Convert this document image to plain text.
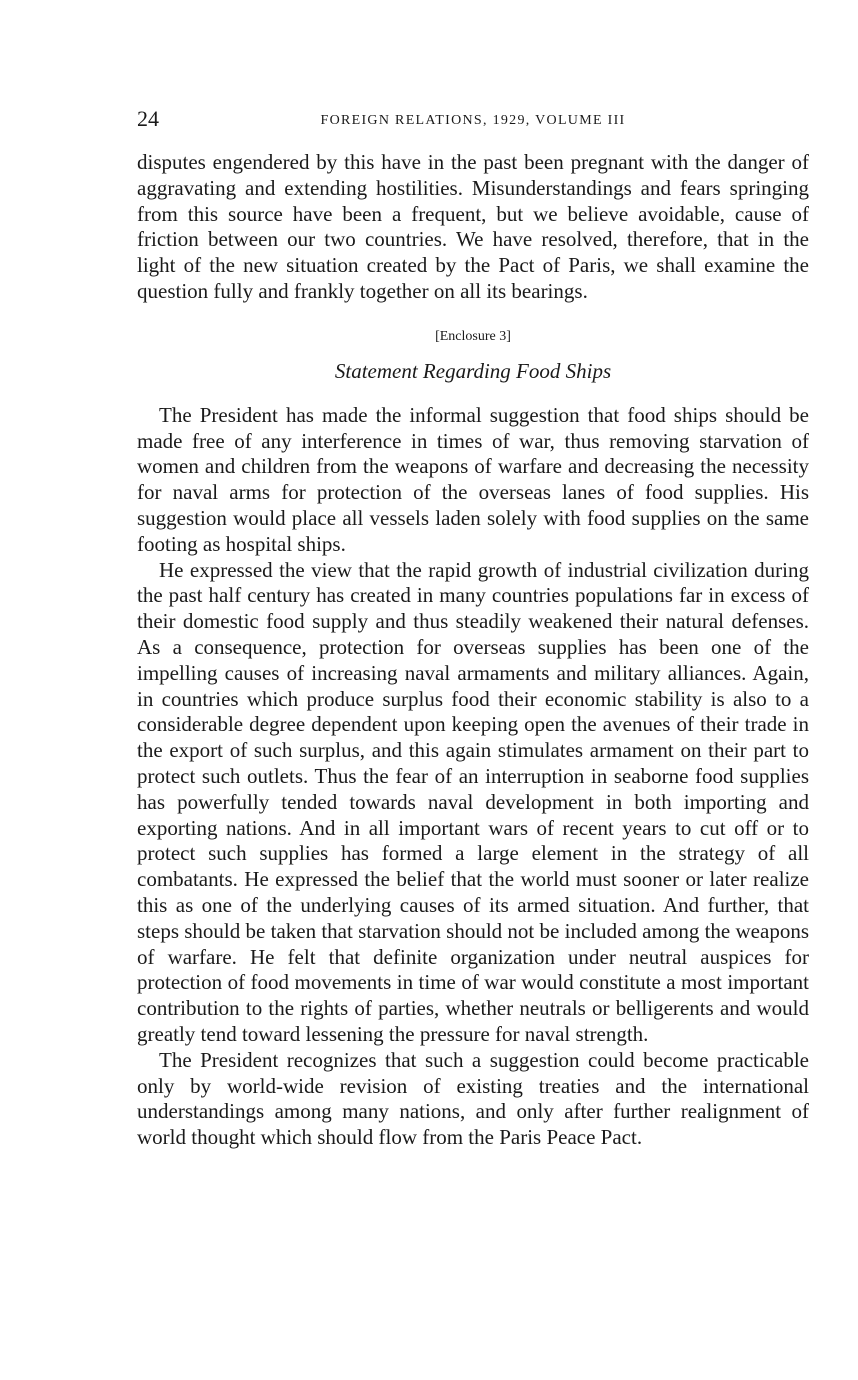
24	FOREIGN RELATIONS, 1929, VOLUME III

disputes engendered by this have in the past been pregnant with the danger of aggravating and extending hostilities. Misunderstandings and fears springing from this source have been a frequent, but we believe avoidable, cause of friction between our two countries. We have resolved, therefore, that in the light of the new situation created by the Pact of Paris, we shall examine the question fully and frankly together on all its bearings.

[Enclosure 3]
Statement Regarding Food Ships

The President has made the informal suggestion that food ships should be made free of any interference in times of war, thus removing starvation of women and children from the weapons of warfare and decreasing the necessity for naval arms for protection of the overseas lanes of food supplies. His suggestion would place all vessels laden solely with food supplies on the same footing as hospital ships.

He expressed the view that the rapid growth of industrial civilization during the past half century has created in many countries populations far in excess of their domestic food supply and thus steadily weakened their natural defenses. As a consequence, protection for overseas supplies has been one of the impelling causes of increasing naval armaments and military alliances. Again, in countries which produce surplus food their economic stability is also to a considerable degree dependent upon keeping open the avenues of their trade in the export of such surplus, and this again stimulates armament on their part to protect such outlets. Thus the fear of an interruption in seaborne food supplies has powerfully tended towards naval development in both importing and exporting nations. And in all important wars of recent years to cut off or to protect such supplies has formed a large element in the strategy of all combatants. He expressed the belief that the world must sooner or later realize this as one of the underlying causes of its armed situation. And further, that steps should be taken that starvation should not be included among the weapons of warfare. He felt that definite organization under neutral auspices for protection of food movements in time of war would constitute a most important contribution to the rights of parties, whether neutrals or belligerents and would greatly tend toward lessening the pressure for naval strength.

The President recognizes that such a suggestion could become practicable only by world-wide revision of existing treaties and the international understandings among many nations, and only after further realignment of world thought which should flow from the Paris Peace Pact.
